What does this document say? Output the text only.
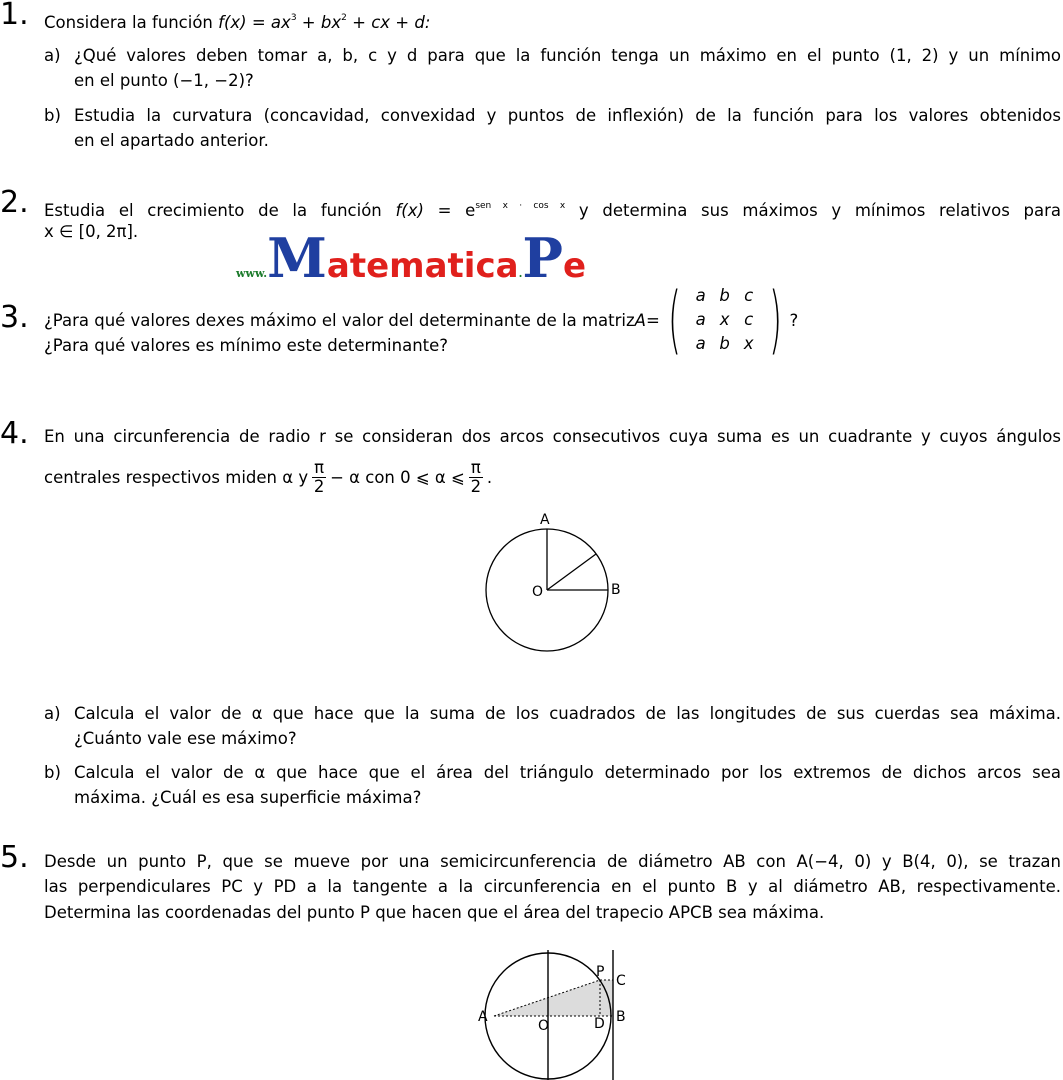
1. Considera la función $f(x) = ax^3 + bx^2$ + cx + d:
a) ¿Qué valores deben tomar a, b, c y d para que la función tenga un máximo en el punto (1, 2) y un mínimo
en el punto (−1, −2)?
b) Estudia la curvatura (concavidad, convexidad y puntos de inflexión) de la función para los valores obtenidos
en el apartado anterior.
2. Estudia el crecimiento de la función $f(x) = e^{sen x \cdot cos x}$ y determina sus máximos y mínimos relativos para
x ∈ [0, 2π].
www.Matematica.Pe
3. ¿Para qué valores de x es máximo el valor del determinante de la matriz A = ( a b c
a x c
a b x ) ?
¿Para qué valores es mínimo este determinante?
4. En una circunferencia de radio r se consideran dos arcos consecutivos cuya suma es un cuadrante y cuyos ángulos
centrales respectivos miden α y $\frac{\pi}{2} - \alpha$ con 0 ⩽ α ⩽ $\frac{\pi}{2}$ .
A
B
O
a) Calcula el valor de α que hace que la suma de los cuadrados de las longitudes de sus cuerdas sea máxima.
¿Cuánto vale ese máximo?
b) Calcula el valor de α que hace que el área del triángulo determinado por los extremos de dichos arcos sea
máxima. ¿Cuál es esa superficie máxima?
5. Desde un punto P, que se mueve por una semicircunferencia de diámetro AB con A(−4, 0) y B(4, 0), se trazan
las perpendiculares PC y PD a la tangente a la circunferencia en el punto B y al diámetro AB, respectivamente.
Determina las coordenadas del punto P que hacen que el área del trapecio APCB sea máxima.
P
C
A
O	D B
